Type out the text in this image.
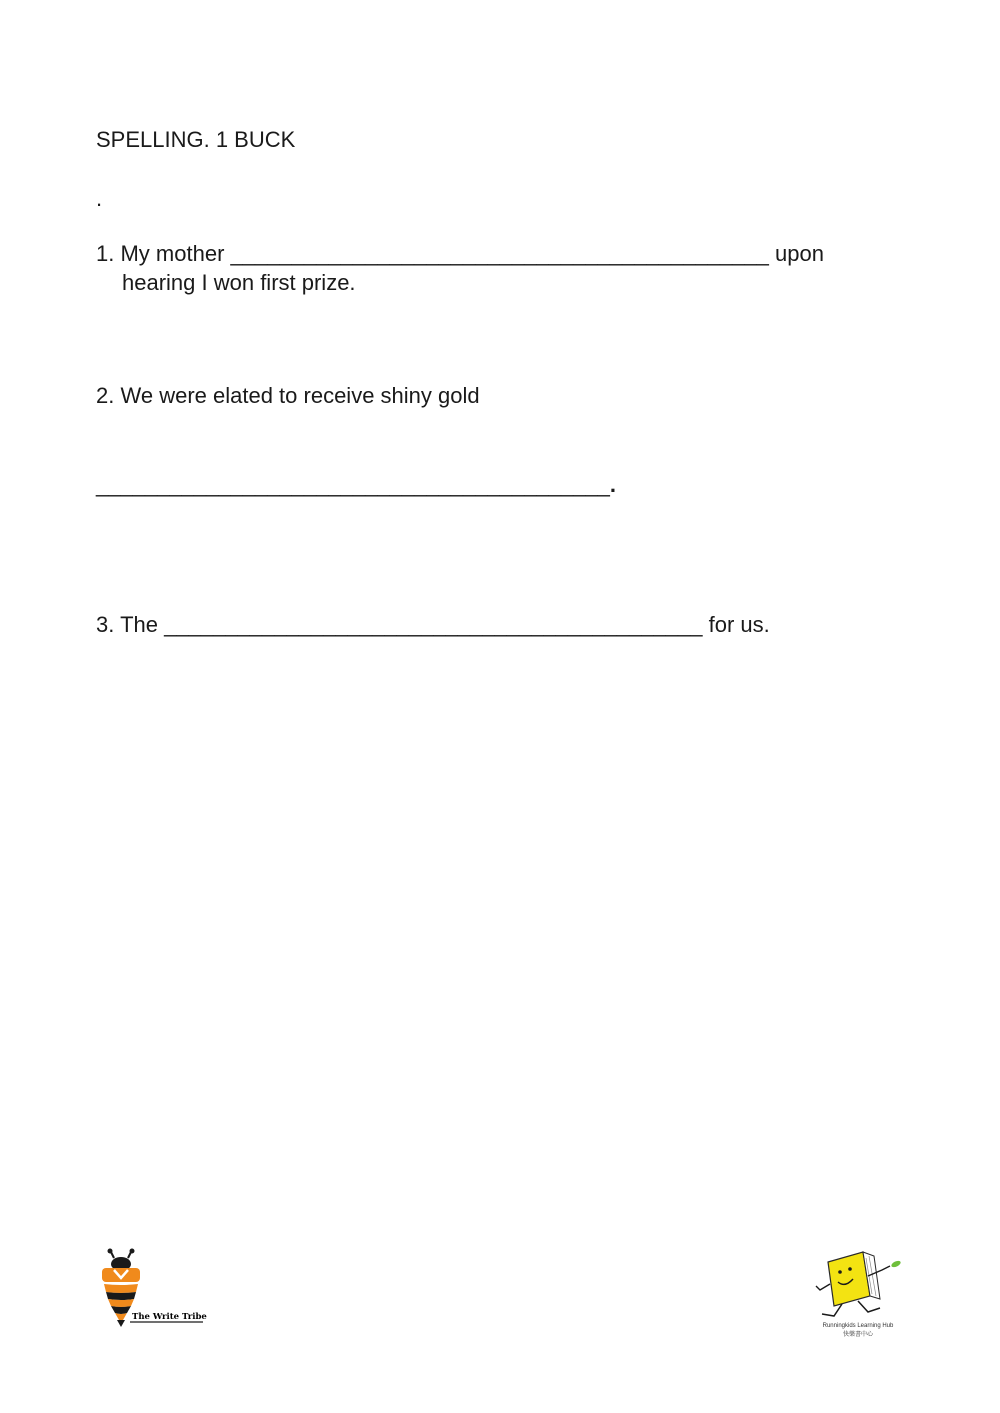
SPELLING. 1 BUCK
.
1. My mother ____________________________________________ upon
hearing I won first prize.
2. We were elated to receive shiny gold
__________________________________________.
3. The ____________________________________________ for us.
The Write Tribe
Runningkids Learning Hub
快樂書中心
